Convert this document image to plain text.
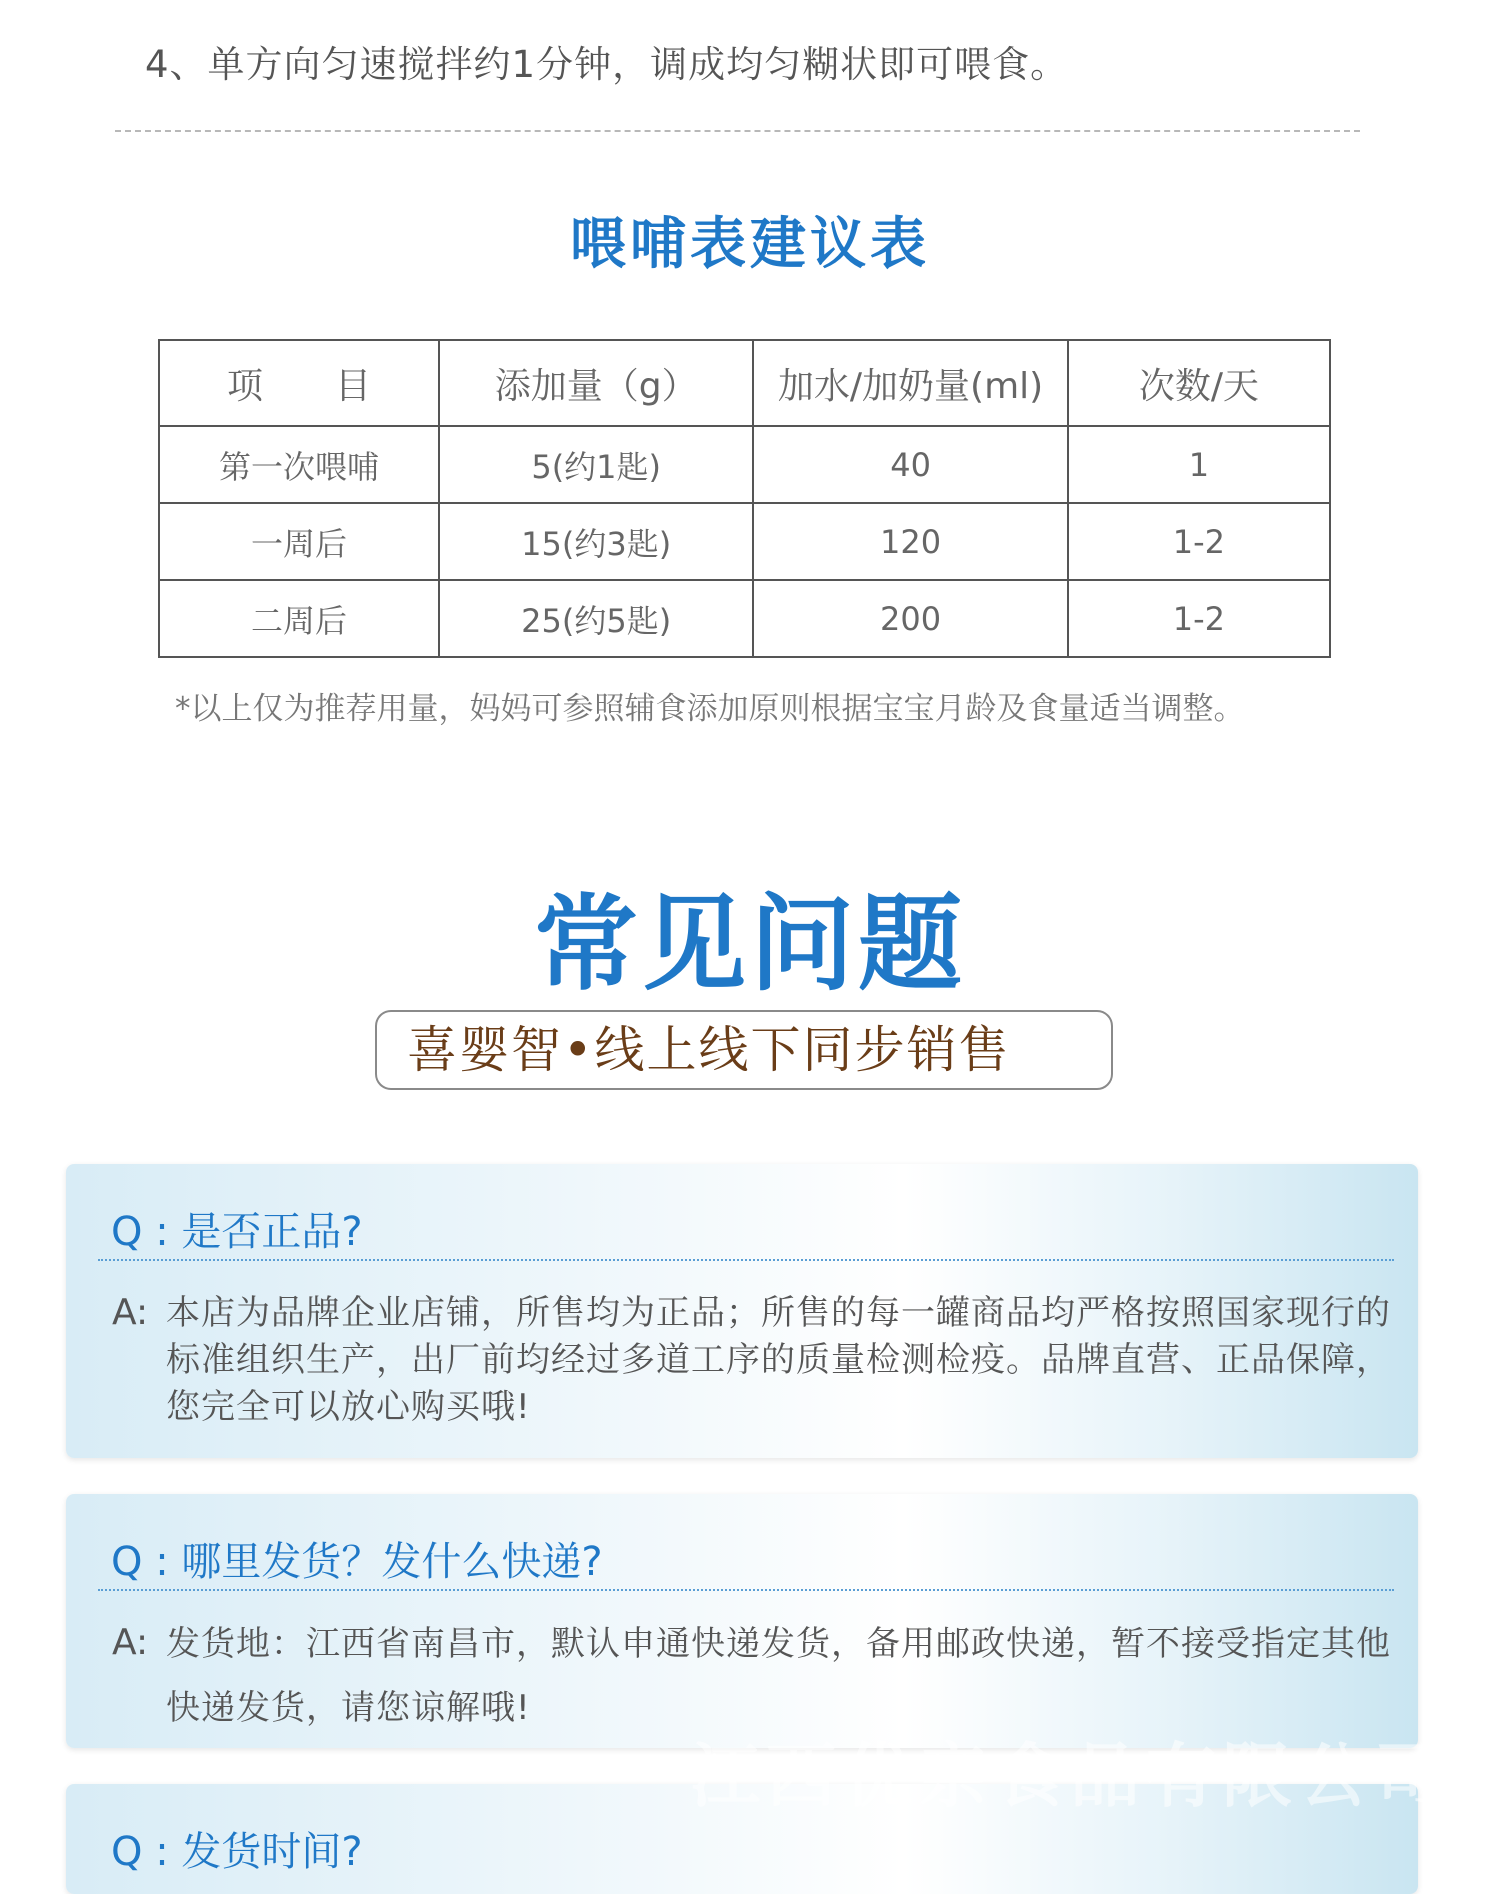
4、单方向匀速搅拌约1分钟，调成均匀糊状即可喂食。
喂哺表建议表
项　　目	添加量（g）	加水/加奶量(ml)	次数/天
第一次喂哺	5(约1匙)	40	1
一周后	15(约3匙)	120	1-2
二周后	25(约5匙)	200	1-2
*以上仅为推荐用量，妈妈可参照辅食添加原则根据宝宝月龄及食量适当调整。
常见问题
喜婴智•线上线下同步销售
Q : 是否正品?
A: 本店为品牌企业店铺，所售均为正品；所售的每一罐商品均严格按照国家现行的标准组织生产，出厂前均经过多道工序的质量检测检疫。品牌直营、正品保障，您完全可以放心购买哦!
Q : 哪里发货？发什么快递?
A: 发货地：江西省南昌市，默认申通快递发货，备用邮政快递，暂不接受指定其他快递发货，请您谅解哦!
Q : 发货时间?
江西优亲食品有限公司
